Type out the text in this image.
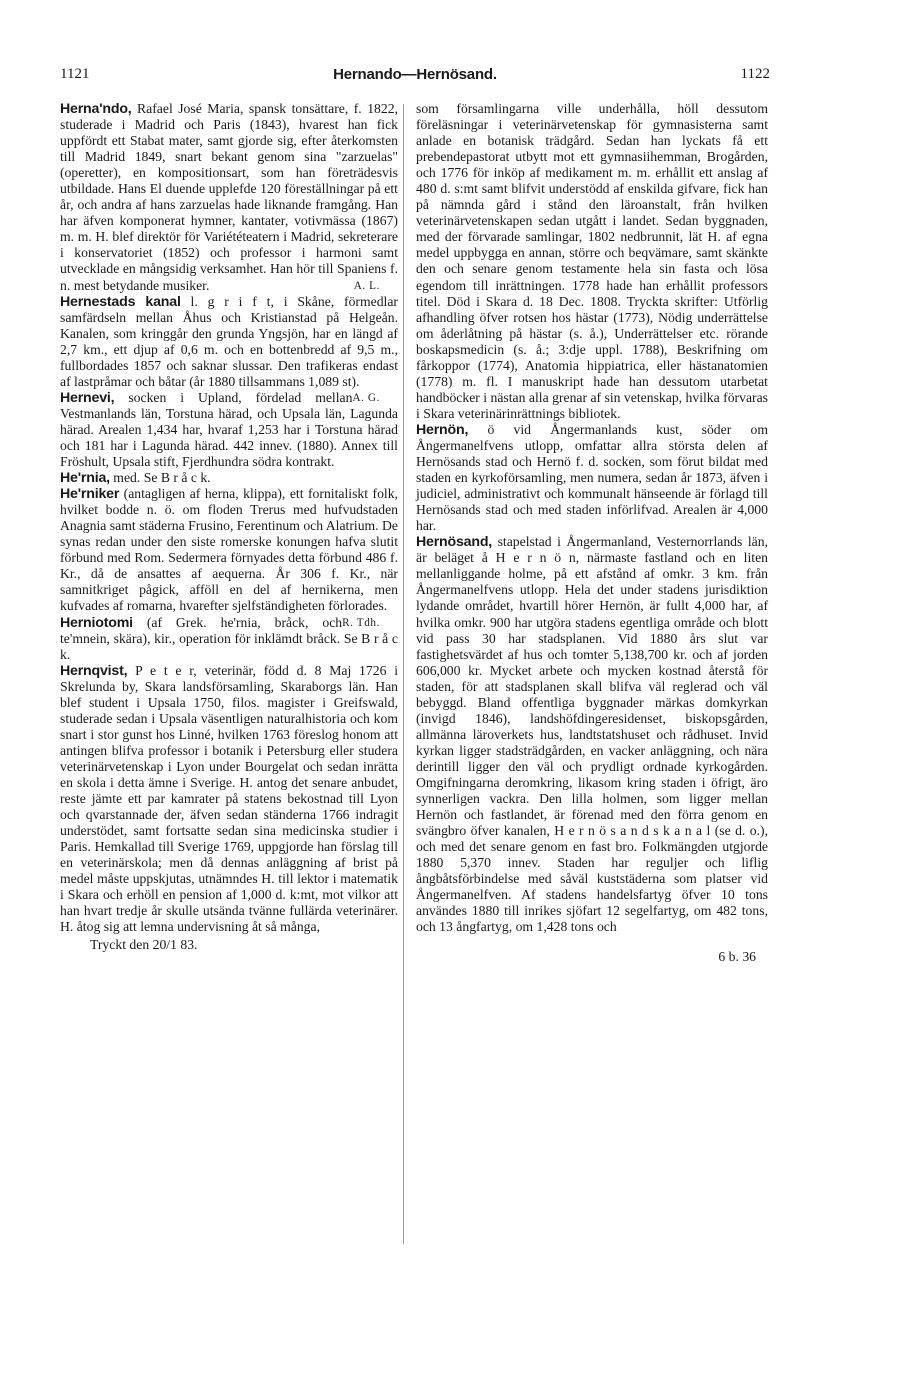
1121	Hernando—Hernösand.	1122

Herna'ndo, Rafael José Maria, spansk tonsättare, f. 1822, studerade i Madrid och Paris (1843), hvarest han fick uppfördt ett Stabat mater, samt gjorde sig, efter återkomsten till Madrid 1849, snart bekant genom sina "zarzuelas" (operetter), en kompositionsart, som han företrädesvis utbildade. Hans El duende upplefde 120 föreställningar på ett år, och andra af hans zarzuelas hade liknande framgång. Han har äfven komponerat hymner, kantater, votivmässa (1867) m. m. H. blef direktör för Variététeatern i Madrid, sekreterare i konservatoriet (1852) och professor i harmoni samt utvecklade en mångsidig verksamhet. Han hör till Spaniens f. n. mest betydande musiker.	A. L.

Hernestads kanal l. g r i f t, i Skåne, förmedlar samfärdseln mellan Åhus och Kristianstad på Helgeån. Kanalen, som kringgår den grunda Yngsjön, har en längd af 2,7 km., ett djup af 0,6 m. och en bottenbredd af 9,5 m., fullbordades 1857 och saknar slussar. Den trafikeras endast af lastpråmar och båtar (år 1880 tillsammans 1,089 st).
A. G.

Hernevi, socken i Upland, fördelad mellan Vestmanlands län, Torstuna härad, och Upsala län, Lagunda härad. Arealen 1,434 har, hvaraf 1,253 har i Torstuna härad och 181 har i Lagunda härad. 442 innev. (1880). Annex till Fröshult, Upsala stift, Fjerdhundra södra kontrakt.

He'rnia, med. Se B r å c k.

He'rniker (antagligen af herna, klippa), ett fornitaliskt folk, hvilket bodde n. ö. om floden Trerus med hufvudstaden Anagnia samt städerna Frusino, Ferentinum och Alatrium. De synas redan under den siste romerske konungen hafva slutit förbund med Rom. Sedermera förnyades detta förbund 486 f. Kr., då de ansattes af aequerna. År 306 f. Kr., när samnitkriget pågick, afföll en del af hernikerna, men kufvades af romarna, hvarefter sjelfständigheten förlorades.
R. Tdh.

Herniotomi (af Grek. he'rnia, bråck, och te'mnein, skära), kir., operation för inklämdt bråck. Se B r å c k.

Hernqvist, P e t e r, veterinär, född d. 8 Maj 1726 i Skrelunda by, Skara landsförsamling, Skaraborgs län. Han blef student i Upsala 1750, filos. magister i Greifswald, studerade sedan i Upsala väsentligen naturalhistoria och kom snart i stor gunst hos Linné, hvilken 1763 föreslog honom att antingen blifva professor i botanik i Petersburg eller studera veterinärvetenskap i Lyon under Bourgelat och sedan inrätta en skola i detta ämne i Sverige. H. antog det senare anbudet, reste jämte ett par kamrater på statens bekostnad till Lyon och qvarstannade der, äfven sedan ständerna 1766 indragit understödet, samt fortsatte sedan sina medicinska studier i Paris. Hemkallad till Sverige 1769, uppgjorde han förslag till en veterinärskola; men då dennas anläggning af brist på medel måste uppskjutas, utnämndes H. till lektor i matematik i Skara och erhöll en pension af 1,000 d. k:mt, mot vilkor att han hvart tredje år skulle utsända tvänne fullärda veterinärer. H. åtog sig att lemna undervisning åt så många,

Tryckt den 20/1 83.

som församlingarna ville underhålla, höll dessutom föreläsningar i veterinärvetenskap för gymnasisterna samt anlade en botanisk trädgård. Sedan han lyckats få ett prebendepastorat utbytt mot ett gymnasiihemman, Brogården, och 1776 för inköp af medikament m. m. erhållit ett anslag af 480 d. s:mt samt blifvit understödd af enskilda gifvare, fick han på nämnda gård i stånd den läroanstalt, från hvilken veterinärvetenskapen sedan utgått i landet. Sedan byggnaden, med der förvarade samlingar, 1802 nedbrunnit, lät H. af egna medel uppbygga en annan, större och beqvämare, samt skänkte den och senare genom testamente hela sin fasta och lösa egendom till inrättningen. 1778 hade han erhållit professors titel. Död i Skara d. 18 Dec. 1808. Tryckta skrifter: Utförlig afhandling öfver rotsen hos hästar (1773), Nödig underrättelse om åderlåtning på hästar (s. å.), Underrättelser etc. rörande boskapsmedicin (s. å.; 3:dje uppl. 1788), Beskrifning om fårkoppor (1774), Anatomia hippiatrica, eller hästanatomien (1778) m. fl. I manuskript hade han dessutom utarbetat handböcker i nästan alla grenar af sin vetenskap, hvilka förvaras i Skara veterinärinrättnings bibliotek.

Hernön, ö vid Ångermanlands kust, söder om Ångermanelfvens utlopp, omfattar allra största delen af Hernösands stad och Hernö f. d. socken, som förut bildat med staden en kyrkoförsamling, men numera, sedan år 1873, äfven i judiciel, administrativt och kommunalt hänseende är förlagd till Hernösands stad och med staden införlifvad. Arealen är 4,000 har.

Hernösand, stapelstad i Ångermanland, Vesternorrlands län, är beläget å H e r n ö n, närmaste fastland och en liten mellanliggande holme, på ett afstånd af omkr. 3 km. från Ångermanelfvens utlopp. Hela det under stadens jurisdiktion lydande området, hvartill hörer Hernön, är fullt 4,000 har, af hvilka omkr. 900 har utgöra stadens egentliga område och blott vid pass 30 har stadsplanen. Vid 1880 års slut var fastighetsvärdet af hus och tomter 5,138,700 kr. och af jorden 606,000 kr. Mycket arbete och mycken kostnad återstå för staden, för att stadsplanen skall blifva väl reglerad och väl bebyggd. Bland offentliga byggnader märkas domkyrkan (invigd 1846), landshöfdingeresidenset, biskopsgården, allmänna läroverkets hus, landtstatshuset och rådhuset. Invid kyrkan ligger stadsträdgården, en vacker anläggning, och nära derintill ligger den väl och prydligt ordnade kyrkogården. Omgifningarna deromkring, likasom kring staden i öfrigt, äro synnerligen vackra. Den lilla holmen, som ligger mellan Hernön och fastlandet, är förenad med den förra genom en svängbro öfver kanalen, H e r n ö s a n d s k a n a l (se d. o.), och med det senare genom en fast bro. Folkmängden utgjorde 1880 5,370 innev. Staden har reguljer och liflig ångbåtsförbindelse med såväl kuststäderna som platser vid Ångermanelfven. Af stadens handelsfartyg öfver 10 tons användes 1880 till inrikes sjöfart 12 segelfartyg, om 482 tons, och 13 ångfartyg, om 1,428 tons och

6 b. 36
